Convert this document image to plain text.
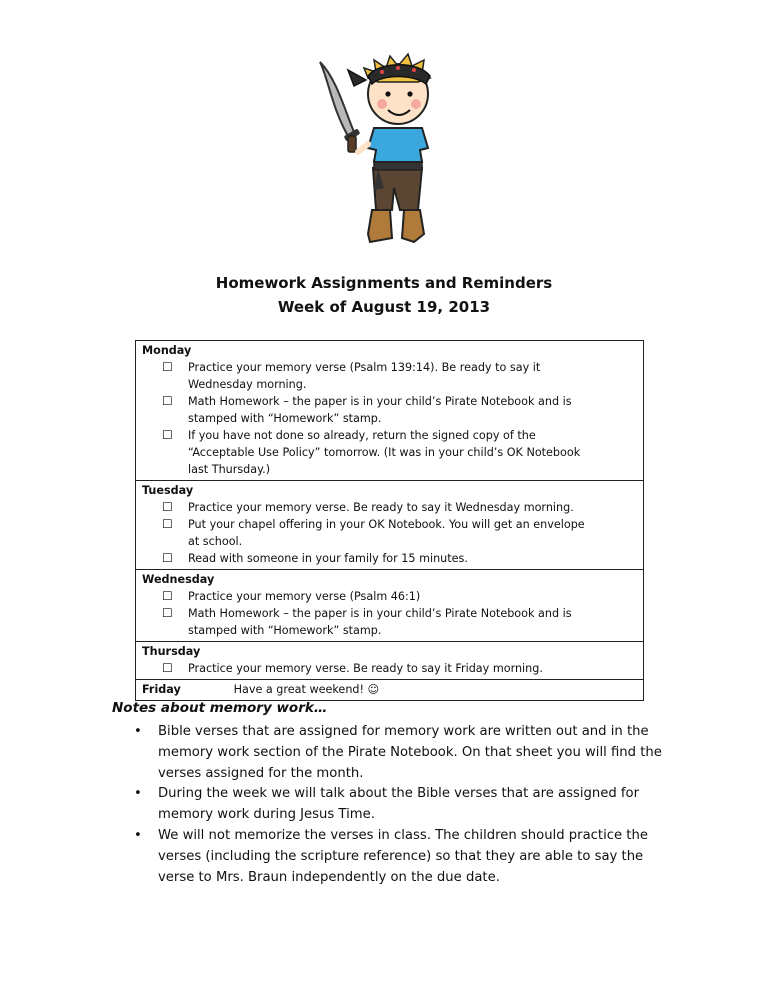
Homework Assignments and Reminders
Week of August 19, 2013
Monday
☐ Practice your memory verse (Psalm 139:14). Be ready to say it Wednesday morning.
☐ Math Homework – the paper is in your child’s Pirate Notebook and is stamped with “Homework” stamp.
☐ If you have not done so already, return the signed copy of the “Acceptable Use Policy” tomorrow. (It was in your child’s OK Notebook last Thursday.)

Tuesday
☐ Practice your memory verse. Be ready to say it Wednesday morning.
☐ Put your chapel offering in your OK Notebook. You will get an envelope at school.
☐ Read with someone in your family for 15 minutes.

Wednesday
☐ Practice your memory verse (Psalm 46:1)
☐ Math Homework – the paper is in your child’s Pirate Notebook and is stamped with “Homework” stamp.

Thursday
☐ Practice your memory verse. Be ready to say it Friday morning.

Friday	Have a great weekend! ☺
Notes about memory work…
•	Bible verses that are assigned for memory work are written out and in the memory work section of the Pirate Notebook. On that sheet you will find the verses assigned for the month.
•	During the week we will talk about the Bible verses that are assigned for memory work during Jesus Time.
•	We will not memorize the verses in class. The children should practice the verses (including the scripture reference) so that they are able to say the verse to Mrs. Braun independently on the due date.
